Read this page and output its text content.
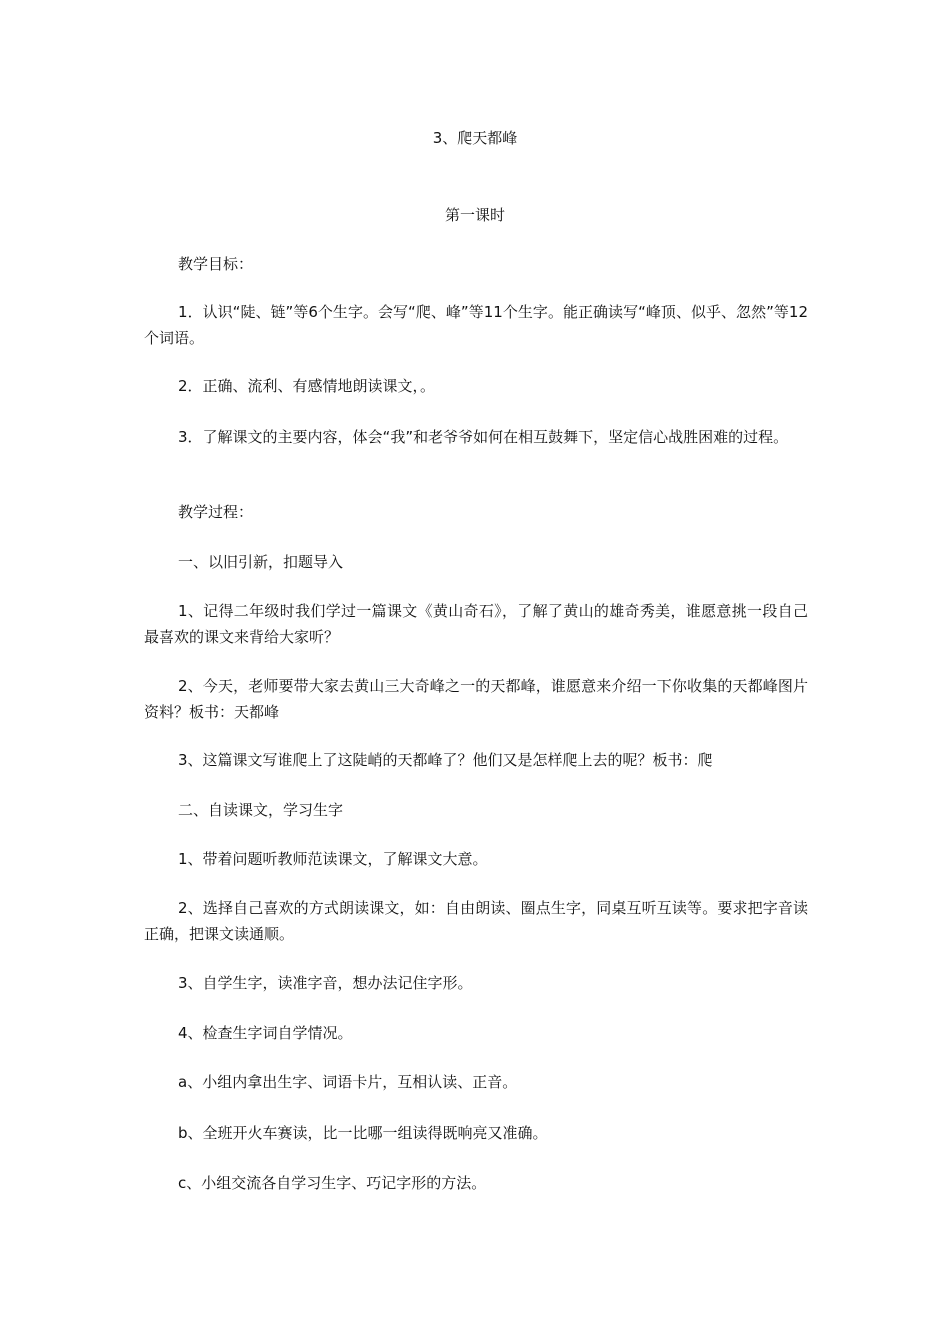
3、爬天都峰
第一课时
教学目标：
1．认识“陡、链”等6个生字。会写“爬、峰”等11个生字。能正确读写“峰顶、似乎、忽然”等12个词语。
2．正确、流利、有感情地朗读课文，。
3．了解课文的主要内容，体会“我”和老爷爷如何在相互鼓舞下，坚定信心战胜困难的过程。
教学过程：
一、以旧引新，扣题导入
1、记得二年级时我们学过一篇课文《黄山奇石》，了解了黄山的雄奇秀美，谁愿意挑一段自己最喜欢的课文来背给大家听？
2、今天，老师要带大家去黄山三大奇峰之一的天都峰，谁愿意来介绍一下你收集的天都峰图片资料？板书：天都峰
3、这篇课文写谁爬上了这陡峭的天都峰了？他们又是怎样爬上去的呢？板书：爬
二、自读课文，学习生字
1、带着问题听教师范读课文，了解课文大意。
2、选择自己喜欢的方式朗读课文，如：自由朗读、圈点生字，同桌互听互读等。要求把字音读正确，把课文读通顺。
3、自学生字，读准字音，想办法记住字形。
4、检查生字词自学情况。
a、小组内拿出生字、词语卡片，互相认读、正音。
b、全班开火车赛读，比一比哪一组读得既响亮又准确。
c、小组交流各自学习生字、巧记字形的方法。
